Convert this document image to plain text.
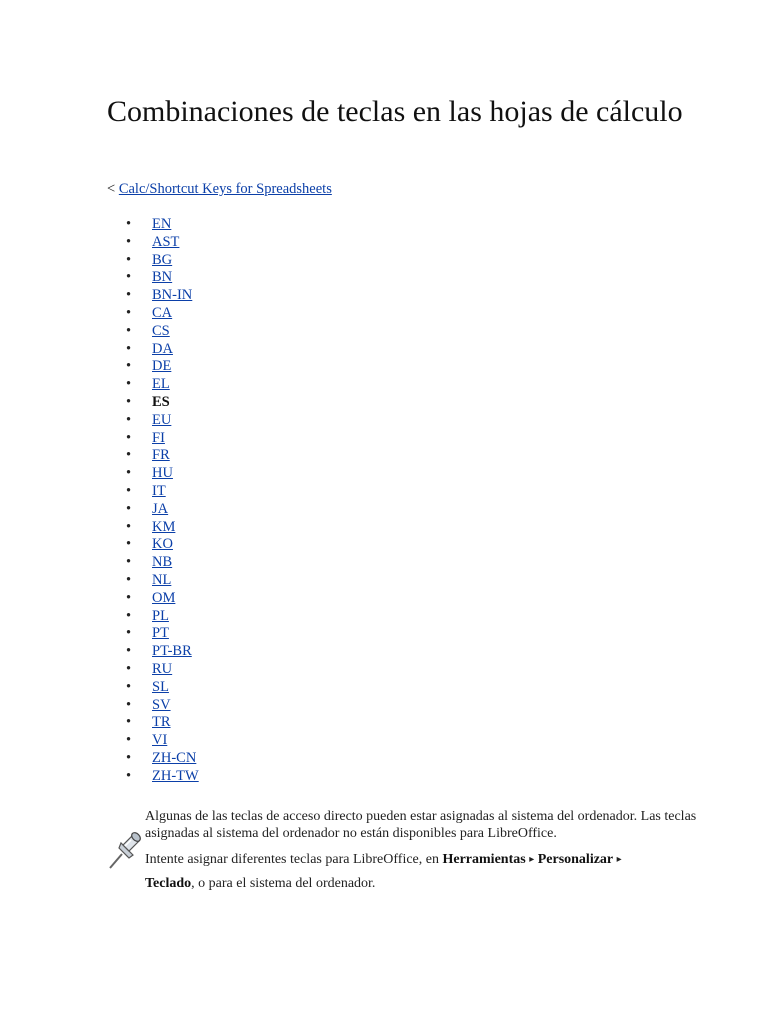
Combinaciones de teclas en las hojas de cálculo
< Calc/Shortcut Keys for Spreadsheets
• EN
• AST
• BG
• BN
• BN-IN
• CA
• CS
• DA
• DE
• EL
• ES
• EU
• FI
• FR
• HU
• IT
• JA
• KM
• KO
• NB
• NL
• OM
• PL
• PT
• PT-BR
• RU
• SL
• SV
• TR
• VI
• ZH-CN
• ZH-TW

Algunas de las teclas de acceso directo pueden estar asignadas al sistema del ordenador. Las teclas asignadas al sistema del ordenador no están disponibles para LibreOffice.

Intente asignar diferentes teclas para LibreOffice, en Herramientas ▸ Personalizar ▸
Teclado, o para el sistema del ordenador.
